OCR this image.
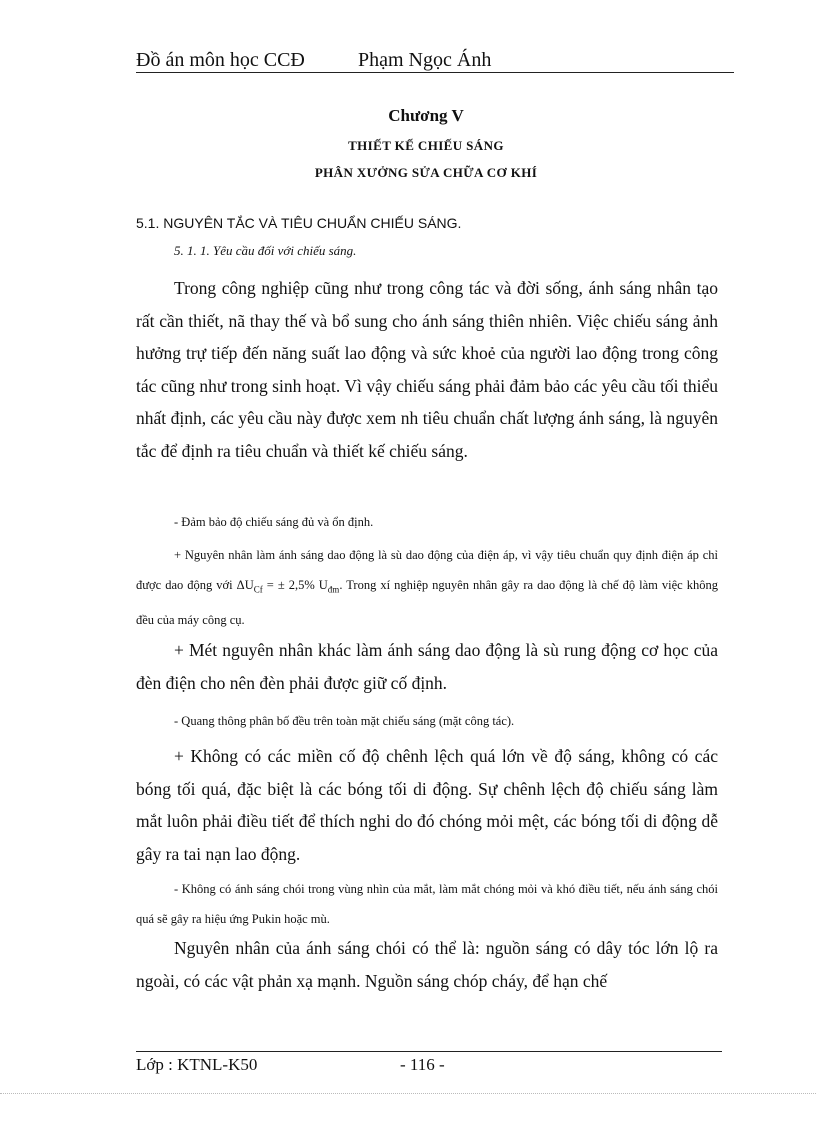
Đồ án môn học CCĐ	Phạm Ngọc Ánh
Chương V
THIẾT KẾ CHIẾU SÁNG
PHÂN XƯỞNG SỬA CHỮA CƠ KHÍ
5.1. NGUYÊN TẮC VÀ TIÊU CHUẨN CHIẾU SÁNG.
5. 1. 1. Yêu cầu đối với chiếu sáng.
Trong công nghiệp cũng như trong công tác và đời sống, ánh sáng nhân tạo rất cần thiết, nã thay thế và bổ sung cho ánh sáng thiên nhiên. Việc chiếu sáng ảnh hưởng trự tiếp đến năng suất lao động và sức khoẻ của người lao động trong công tác cũng như trong sinh hoạt. Vì vậy chiếu sáng phải đảm bảo các yêu cầu tối thiểu nhất định, các yêu cầu này được xem nh tiêu chuẩn chất lượng ánh sáng, là nguyên tắc để định ra tiêu chuẩn và thiết kế chiếu sáng.
- Đảm bảo độ chiếu sáng đủ và ổn định.
+ Nguyên nhân làm ánh sáng dao động là sù dao động của điện áp, vì vậy tiêu chuẩn quy định điện áp chỉ được dao động với $\Delta U_{Cf}$ = ± 2,5% $U_{đm}$. Trong xí nghiệp nguyên nhân gây ra dao động là chế độ làm việc không đều của máy công cụ.
+ Mét nguyên nhân khác làm ánh sáng dao động là sù rung động cơ học của đèn điện cho nên đèn phải được giữ cố định.
- Quang thông phân bố đều trên toàn mặt chiếu sáng (mặt công tác).
+ Không có các miền cố độ chênh lệch quá lớn về độ sáng, không có các bóng tối quá, đặc biệt là các bóng tối di động. Sự chênh lệch độ chiếu sáng làm mắt luôn phải điều tiết để thích nghi do đó chóng mỏi mệt, các bóng tối di động dễ gây ra tai nạn lao động.
- Không có ánh sáng chói trong vùng nhìn của mắt, làm mắt chóng mỏi và khó điều tiết, nếu ánh sáng chói quá sẽ gây ra hiệu ứng Pukin hoặc mù.
Nguyên nhân của ánh sáng chói có thể là: nguồn sáng có dây tóc lớn lộ ra ngoài, có các vật phản xạ mạnh. Nguồn sáng chóp cháy, để hạn chế
Lớp : KTNL-K50	- 116 -
